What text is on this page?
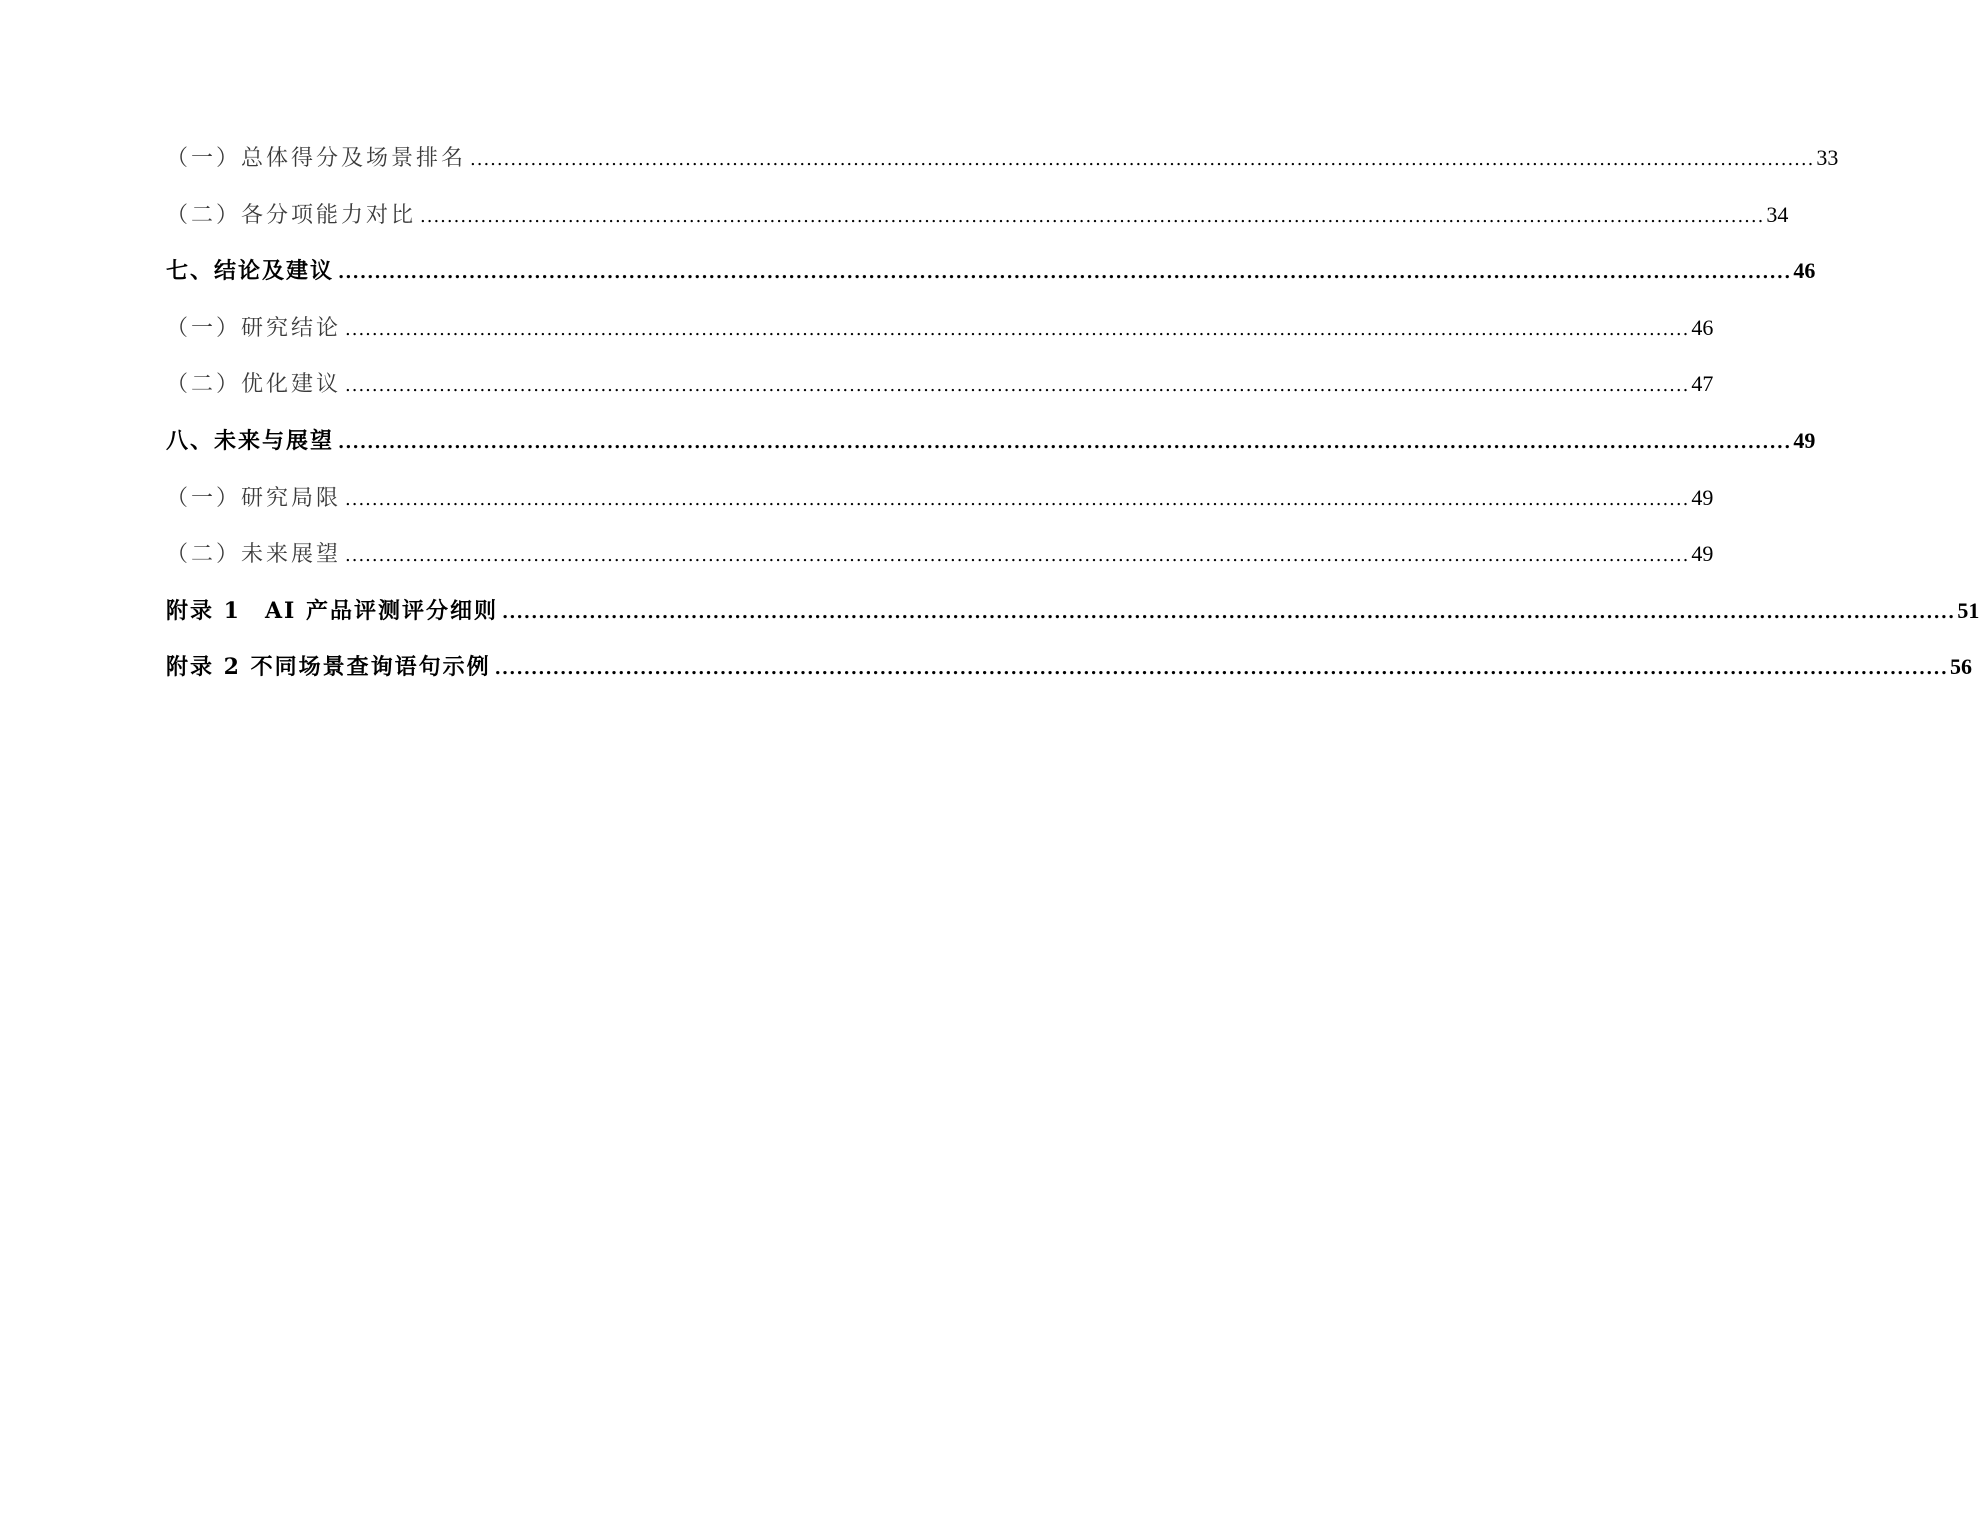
（一）总体得分及场景排名 ........................................................................................................................................................................................................ 33
（二）各分项能力对比 ........................................................................................................................................................................................................ 34
七、结论及建议 ........................................................................................................................................................................................................ 46
（一）研究结论 ........................................................................................................................................................................................................ 46
（二）优化建议 ........................................................................................................................................................................................................ 47
八、未来与展望 ........................................................................................................................................................................................................ 49
（一）研究局限 ........................................................................................................................................................................................................ 49
（二）未来展望 ........................................................................................................................................................................................................ 49
附录 1　AI 产品评测评分细则 ........................................................................................................................................................................................................ 51
附录 2 不同场景查询语句示例 ........................................................................................................................................................................................................ 56
